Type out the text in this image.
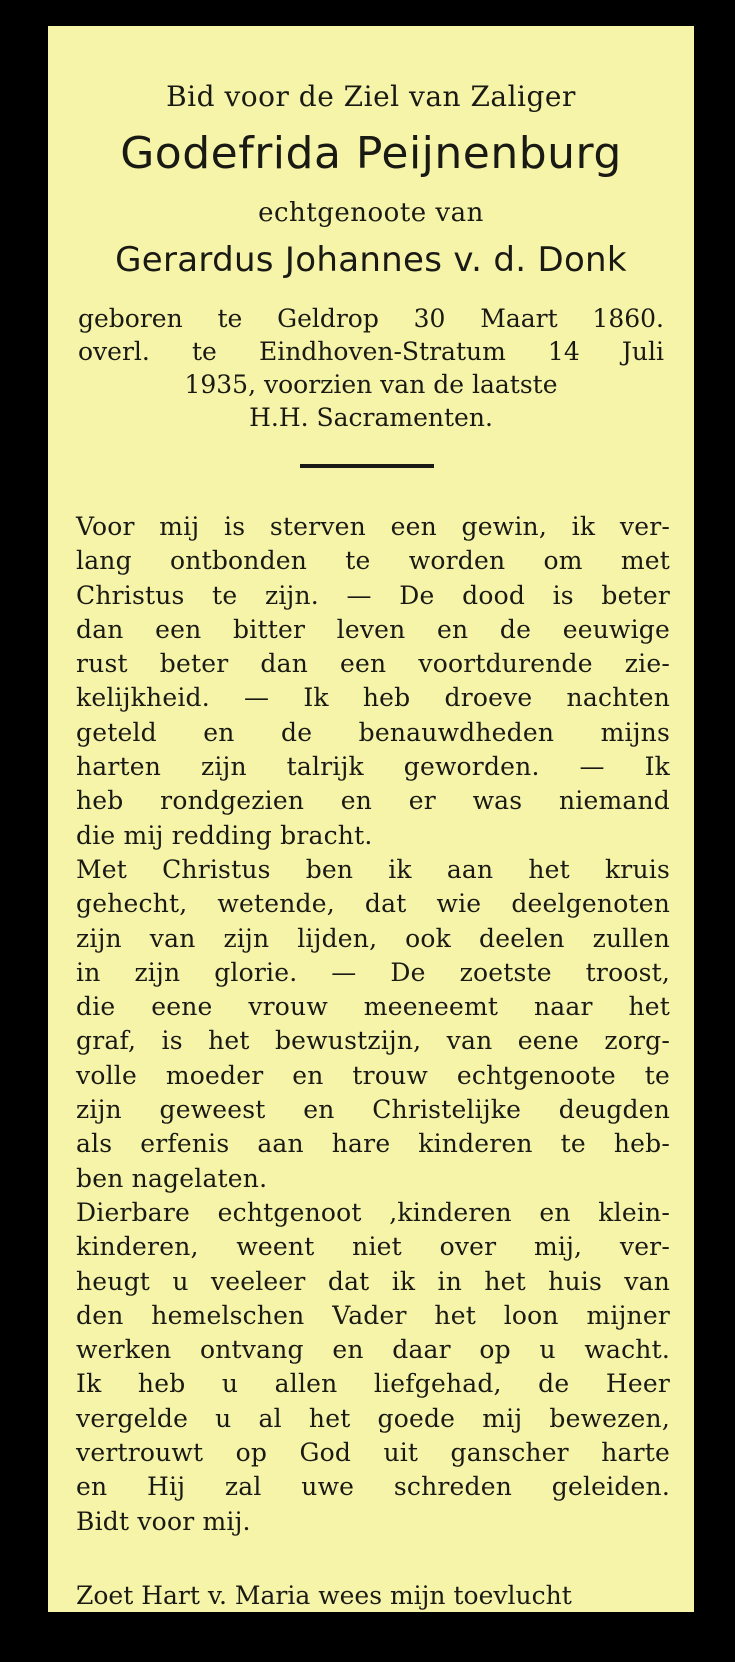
Bid voor de Ziel van Zaliger
Godefrida Peijnenburg
echtgenoote van
Gerardus Johannes v. d. Donk
geboren te Geldrop 30 Maart 1860.
overl. te Eindhoven-Stratum 14 Juli
1935, voorzien van de laatste
H.H. Sacramenten.
Voor mij is sterven een gewin, ik ver-
lang ontbonden te worden om met
Christus te zijn. — De dood is beter
dan een bitter leven en de eeuwige
rust beter dan een voortdurende zie-
kelijkheid. — Ik heb droeve nachten
geteld en de benauwdheden mijns
harten zijn talrijk geworden. — Ik
heb rondgezien en er was niemand
die mij redding bracht.
Met Christus ben ik aan het kruis
gehecht, wetende, dat wie deelgenoten
zijn van zijn lijden, ook deelen zullen
in zijn glorie. — De zoetste troost,
die eene vrouw meeneemt naar het
graf, is het bewustzijn, van eene zorg-
volle moeder en trouw echtgenoote te
zijn geweest en Christelijke deugden
als erfenis aan hare kinderen te heb-
ben nagelaten.
Dierbare echtgenoot ,kinderen en klein-
kinderen, weent niet over mij, ver-
heugt u veeleer dat ik in het huis van
den hemelschen Vader het loon mijner
werken ontvang en daar op u wacht.
Ik heb u allen liefgehad, de Heer
vergelde u al het goede mij bewezen,
vertrouwt op God uit ganscher harte
en Hij zal uwe schreden geleiden.
Bidt voor mij.
Zoet Hart v. Maria wees mijn toevlucht
